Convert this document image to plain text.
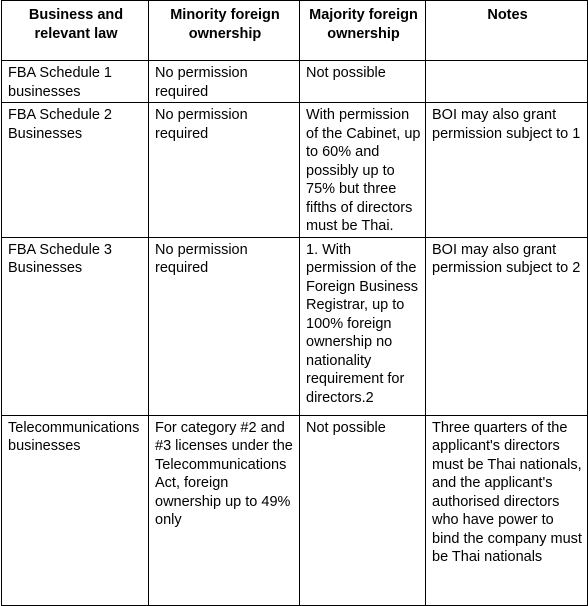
Business and relevant law	Minority foreign ownership	Majority foreign ownership	Notes
FBA Schedule 1 businesses	No permission required	Not possible	
FBA Schedule 2 Businesses	No permission required	With permission of the Cabinet, up to 60% and possibly up to 75% but three fifths of directors must be Thai.	BOI may also grant permission subject to 1
FBA Schedule 3 Businesses	No permission required	1. With permission of the Foreign Business Registrar, up to 100% foreign ownership no nationality requirement for directors.2	BOI may also grant permission subject to 2
Telecommunications businesses	For category #2 and #3 licenses under the Telecommunications Act, foreign ownership up to 49% only	Not possible	Three quarters of the applicant's directors must be Thai nationals, and the applicant's authorised directors who have power to bind the company must be Thai nationals
